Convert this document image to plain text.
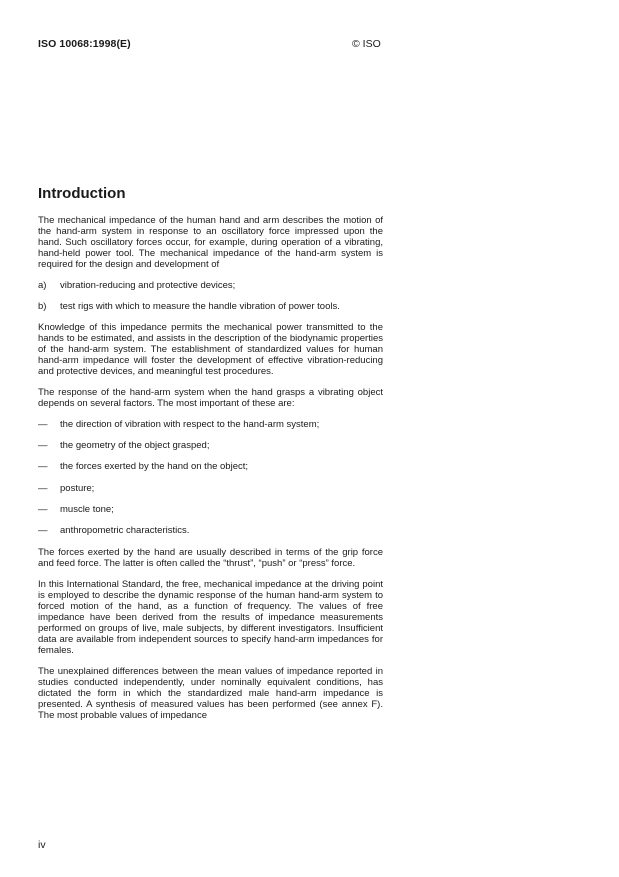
ISO 10068:1998(E)	© ISO
Introduction

The mechanical impedance of the human hand and arm describes the motion of the hand-arm system in response to an oscillatory force impressed upon the hand. Such oscillatory forces occur, for example, during operation of a vibrating, hand-held power tool. The mechanical impedance of the hand-arm system is required for the design and development of

a)	vibration-reducing and protective devices;
b)	test rigs with which to measure the handle vibration of power tools.

Knowledge of this impedance permits the mechanical power transmitted to the hands to be estimated, and assists in the description of the biodynamic properties of the hand-arm system. The establishment of standardized values for human hand-arm impedance will foster the development of effective vibration-reducing and protective devices, and meaningful test procedures.

The response of the hand-arm system when the hand grasps a vibrating object depends on several factors. The most important of these are:

—	the direction of vibration with respect to the hand-arm system;
—	the geometry of the object grasped;
—	the forces exerted by the hand on the object;
—	posture;
—	muscle tone;
—	anthropometric characteristics.

The forces exerted by the hand are usually described in terms of the grip force and feed force. The latter is often called the “thrust”, “push” or “press” force.

In this International Standard, the free, mechanical impedance at the driving point is employed to describe the dynamic response of the human hand-arm system to forced motion of the hand, as a function of frequency. The values of free impedance have been derived from the results of impedance measurements performed on groups of live, male subjects, by different investigators. Insufficient data are available from independent sources to specify hand-arm impedances for females.

The unexplained differences between the mean values of impedance reported in studies conducted independently, under nominally equivalent conditions, has dictated the form in which the standardized male hand-arm impedance is presented. A synthesis of measured values has been performed (see annex F). The most probable values of impedance

iv
